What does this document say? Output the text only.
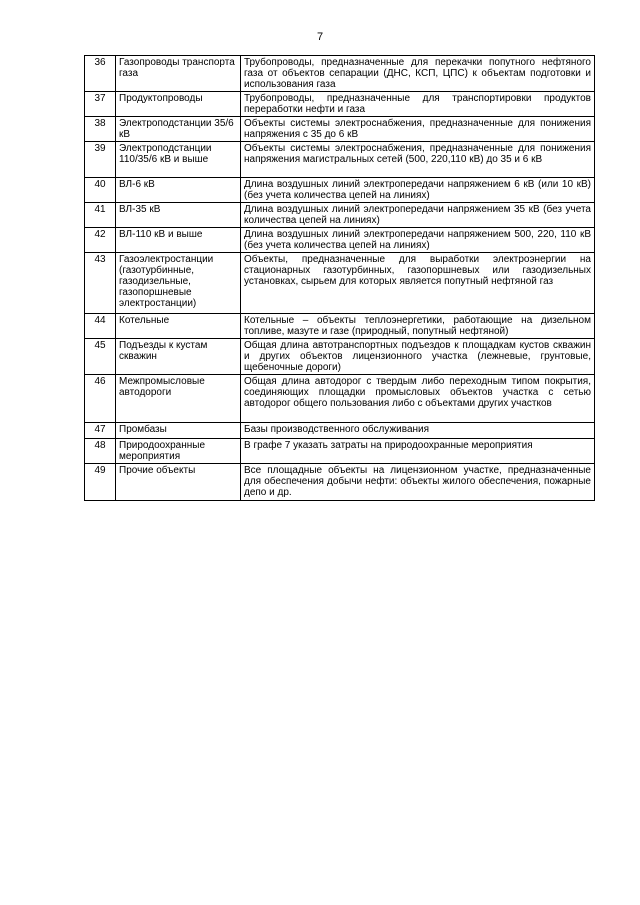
7
36	Газопроводы транспорта газа	Трубопроводы, предназначенные для перекачки попутного нефтяного газа от объектов сепарации (ДНС, КСП, ЦПС) к объектам подготовки и использования газа
37	Продуктопроводы	Трубопроводы, предназначенные для транспортировки продуктов переработки нефти и газа
38	Электроподстанции 35/6 кВ	Объекты системы электроснабжения, предназначенные для понижения напряжения с 35 до 6 кВ
39	Электроподстанции 110/35/6 кВ и выше	Объекты системы электроснабжения, предназначенные для понижения напряжения магистральных сетей (500, 220,110 кВ) до 35 и 6 кВ
40	ВЛ-6 кВ	Длина воздушных линий электропередачи напряжением 6 кВ (или 10 кВ) (без учета количества цепей на линиях)
41	ВЛ-35 кВ	Длина воздушных линий электропередачи напряжением 35 кВ (без учета количества цепей на линиях)
42	ВЛ-110 кВ и выше	Длина воздушных линий электропередачи напряжением 500, 220, 110 кВ (без учета количества цепей на линиях)
43	Газоэлектростанции (газотурбинные, газодизельные, газопоршневые электростанции)	Объекты, предназначенные для выработки электроэнергии на стационарных газотурбинных, газопоршневых или газодизельных установках, сырьем для которых является попутный нефтяной газ
44	Котельные	Котельные – объекты теплоэнергетики, работающие на дизельном топливе, мазуте и газе (природный, попутный нефтяной)
45	Подъезды к кустам скважин	Общая длина автотранспортных подъездов к площадкам кустов скважин и других объектов лицензионного участка (лежневые, грунтовые, щебеночные дороги)
46	Межпромысловые автодороги	Общая длина автодорог с твердым либо переходным типом покрытия, соединяющих площадки промысловых объектов участка с сетью автодорог общего пользования либо с объектами других участков
47	Промбазы	Базы производственного обслуживания
48	Природоохранные мероприятия	В графе 7 указать затраты на природоохранные мероприятия
49	Прочие объекты	Все площадные объекты на лицензионном участке, предназначенные для обеспечения добычи нефти: объекты жилого обеспечения, пожарные депо и др.
